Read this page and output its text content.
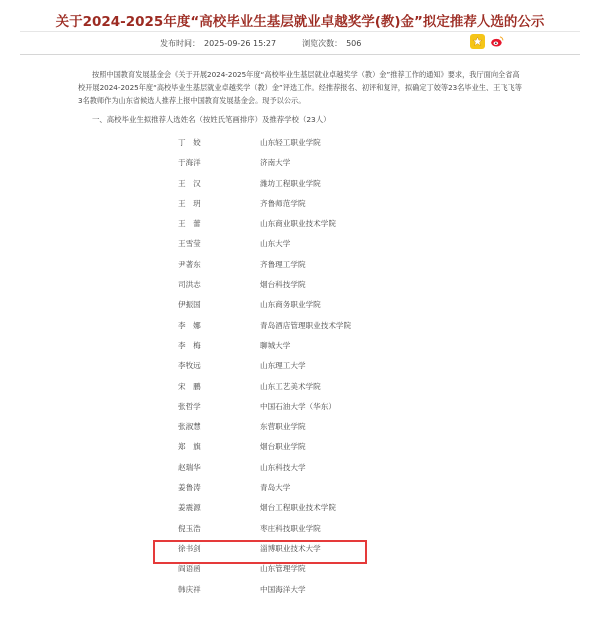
关于2024-2025年度“高校毕业生基层就业卓越奖学(教)金”拟定推荐人选的公示
发布时间： 2025-09-26 15:27	浏览次数： 506
按照中国教育发展基金会《关于开展2024-2025年度“高校毕业生基层就业卓越奖学（教）金”推荐工作的通知》要求，我厅面向全省高校开展2024-2025年度“高校毕业生基层就业卓越奖学（教）金”评选工作。经推荐报名、初评和复评，拟确定丁姣等23名毕业生、王飞飞等3名教师作为山东省候选人推荐上报中国教育发展基金会。现予以公示。
一、高校毕业生拟推荐人选姓名（按姓氏笔画排序）及推荐学校（23人）
丁　姣	山东轻工职业学院
于海洋	济南大学
王　汉	潍坊工程职业学院
王　玥	齐鲁师范学院
王　蕾	山东商业职业技术学院
王雪莹	山东大学
尹著东	齐鲁理工学院
司洪志	烟台科技学院
伊振国	山东商务职业学院
李　娜	青岛酒店管理职业技术学院
李　梅	聊城大学
李牧远	山东理工大学
宋　鹏	山东工艺美术学院
张哲学	中国石油大学（华东）
张淑慧	东营职业学院
郑　旗	烟台职业学院
赵瑞华	山东科技大学
姜鲁涛	青岛大学
姜震源	烟台工程职业技术学院
倪玉浩	枣庄科技职业学院
徐书剑	淄博职业技术大学
阎语函	山东管理学院
韩庆祥	中国海洋大学
